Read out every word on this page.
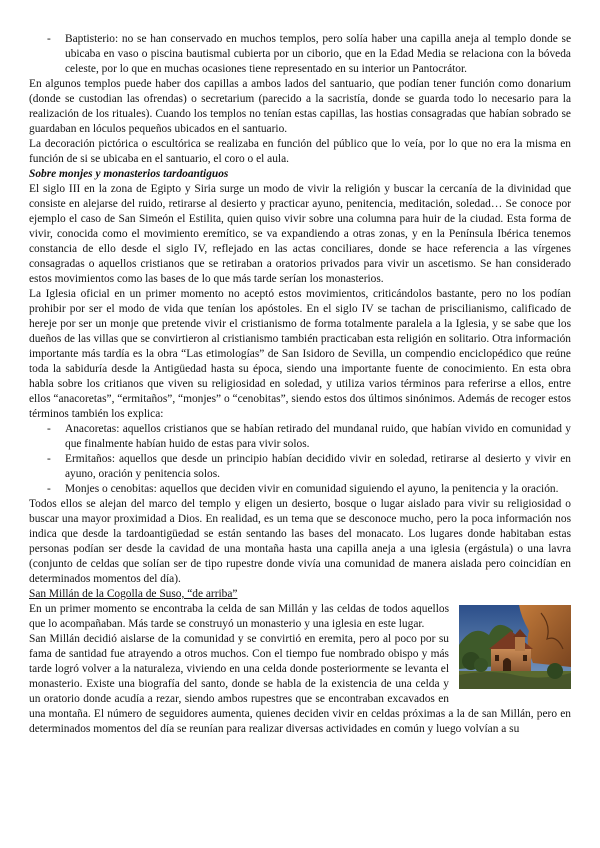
-	Baptisterio: no se han conservado en muchos templos, pero solía haber una capilla aneja al templo donde se ubicaba en vaso o piscina bautismal cubierta por un ciborio, que en la Edad Media se relaciona con la bóveda celeste, por lo que en muchas ocasiones tiene representado en su interior un Pantocrátor.

En algunos templos puede haber dos capillas a ambos lados del santuario, que podían tener función como donarium (donde se custodian las ofrendas) o secretarium (parecido a la sacristía, donde se guarda todo lo necesario para la realización de los rituales). Cuando los templos no tenían estas capillas, las hostias consagradas que habían sobrado se guardaban en lóculos pequeños ubicados en el santuario.

La decoración pictórica o escultórica se realizaba en función del público que lo veía, por lo que no era la misma en función de si se ubicaba en el santuario, el coro o el aula.

Sobre monjes y monasterios tardoantiguos

El siglo III en la zona de Egipto y Siria surge un modo de vivir la religión y buscar la cercanía de la divinidad que consiste en alejarse del ruido, retirarse al desierto y practicar ayuno, penitencia, meditación, soledad… Se conoce por ejemplo el caso de San Simeón el Estilita, quien quiso vivir sobre una columna para huir de la ciudad. Esta forma de vivir, conocida como el movimiento eremítico, se va expandiendo a otras zonas, y en la Península Ibérica tenemos constancia de ello desde el siglo IV, reflejado en las actas conciliares, donde se hace referencia a las vírgenes consagradas o aquellos cristianos que se retiraban a oratorios privados para vivir un ascetismo. Se han considerado estos movimientos como las bases de lo que más tarde serían los monasterios.

La Iglesia oficial en un primer momento no aceptó estos movimientos, criticándolos bastante, pero no los podían prohibir por ser el modo de vida que tenían los apóstoles. En el siglo IV se tachan de priscilianismo, calificado de hereje por ser un monje que pretende vivir el cristianismo de forma totalmente paralela a la Iglesia, y se sabe que los dueños de las villas que se convirtieron al cristianismo también practicaban esta religión en solitario. Otra información importante más tardía es la obra “Las etimologías” de San Isidoro de Sevilla, un compendio enciclopédico que reúne toda la sabiduría desde la Antigüedad hasta su época, siendo una importante fuente de conocimiento. En esta obra habla sobre los critianos que viven su religiosidad en soledad, y utiliza varios términos para referirse a ellos, entre ellos “anacoretas”, “ermitaños”, “monjes” o “cenobitas”, siendo estos dos últimos sinónimos. Además de recoger estos términos también los explica:

-	Anacoretas: aquellos cristianos que se habían retirado del mundanal ruido, que habían vivido en comunidad y que finalmente habían huido de estas para vivir solos.
-	Ermitaños: aquellos que desde un principio habían decidido vivir en soledad, retirarse al desierto y vivir en ayuno, oración y penitencia solos.
-	Monjes o cenobitas: aquellos que deciden vivir en comunidad siguiendo el ayuno, la penitencia y la oración.

Todos ellos se alejan del marco del templo y eligen un desierto, bosque o lugar aislado para vivir su religiosidad o buscar una mayor proximidad a Dios. En realidad, es un tema que se desconoce mucho, pero la poca información nos indica que desde la tardoantigüedad se están sentando las bases del monacato. Los lugares donde habitaban estas personas podían ser desde la cavidad de una montaña hasta una capilla aneja a una iglesia (ergástula) o una lavra (conjunto de celdas que solían ser de tipo rupestre donde vivía una comunidad de manera aislada pero coincidían en determinados momentos del día).

San Millán de la Cogolla de Suso, “de arriba”

En un primer momento se encontraba la celda de san Millán y las celdas de todos aquellos que lo acompañaban. Más tarde se construyó un monasterio y una iglesia en este lugar.

San Millán decidió aislarse de la comunidad y se convirtió en eremita, pero al poco por su fama de santidad fue atrayendo a otros muchos. Con el tiempo fue nombrado obispo y más tarde logró volver a la naturaleza, viviendo en una celda donde posteriormente se levanta el monasterio. Existe una biografía del santo, donde se habla de la existencia de una celda y un oratorio donde acudía a rezar, siendo ambos rupestres que se encontraban excavados en una montaña. El número de seguidores aumenta, quienes deciden vivir en celdas próximas a la de san Millán, pero en determinados momentos del día se reunían para realizar diversas actividades en común y luego volvían a su
